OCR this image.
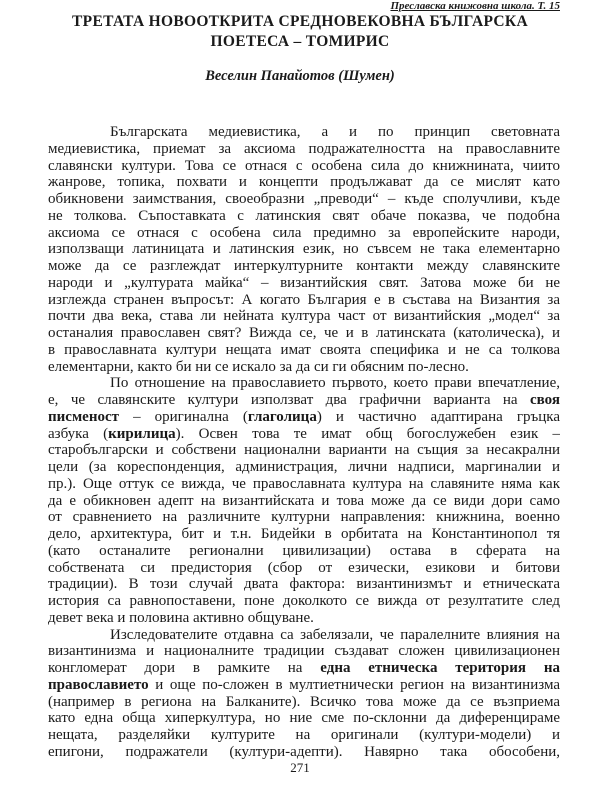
Преславска книжовна школа. Т. 15
ТРЕТАТА НОВООТКРИТА СРЕДНОВЕКОВНА БЪЛГАРСКА
ПОЕТЕСА – ТОМИРИС
Веселин Панайотов (Шумен)
Българската медиевистика, а и по принцип световната
медиевистика, приемат за аксиома подражателността на православните
славянски култури. Това се отнася с особена сила до книжнината, чиито
жанрове, топика, похвати и концепти продължават да се мислят като
обикновени заимствания, своеобразни „преводи“ – къде сполучливи, къде
не толкова. Съпоставката с латинския свят обаче показва, че подобна
аксиома се отнася с особена сила предимно за европейските народи,
използващи латиницата и латинския език, но съвсем не така елементарно
може да се разглеждат интеркултурните контакти между славянските
народи и „културата майка“ – византийския свят. Затова може би не
изглежда странен въпросът: А когато България е в състава на Византия за
почти два века, става ли нейната култура част от византийския „модел“ за
останалия православен свят? Вижда се, че и в латинската (католическа), и
в православната култури нещата имат своята специфика и не са толкова
елементарни, както би ни се искало за да си ги обясним по-лесно.
По отношение на православието първото, което прави впечатление,
е, че славянските култури използват два графични варианта на своя
писменост – оригинална (глаголица) и частично адаптирана гръцка
азбука (кирилица). Освен това те имат общ богослужебен език –
старобългарски и собствени национални варианти на същия за несакрални
цели (за кореспонденция, администрация, лични надписи, маргиналии и
пр.). Още оттук се вижда, че православната култура на славяните няма как
да е обикновен адепт на византийската и това може да се види дори само
от сравнението на различните културни направления: книжнина, военно
дело, архитектура, бит и т.н. Бидейки в орбитата на Константинопол тя
(като останалите регионални цивилизации) остава в сферата на
собствената си предистория (сбор от езически, езикови и битови
традиции). В този случай двата фактора: византинизмът и етническата
история са равнопоставени, поне доколкото се вижда от резултатите след
девет века и половина активно общуване.
Изследователите отдавна са забелязали, че паралелните влияния на
византинизма и националните традиции създават сложен цивилизационен
конгломерат дори в рамките на една етническа територия на
православието и още по-сложен в мултиетнически регион на византинизма
(например в региона на Балканите). Всичко това може да се възприема
като една обща хиперкултура, но ние сме по-склонни да диференцираме
нещата, разделяйки културите на оригинали (култури-модели) и
епигони, подражатели (култури-адепти). Навярно така обособени,
271
